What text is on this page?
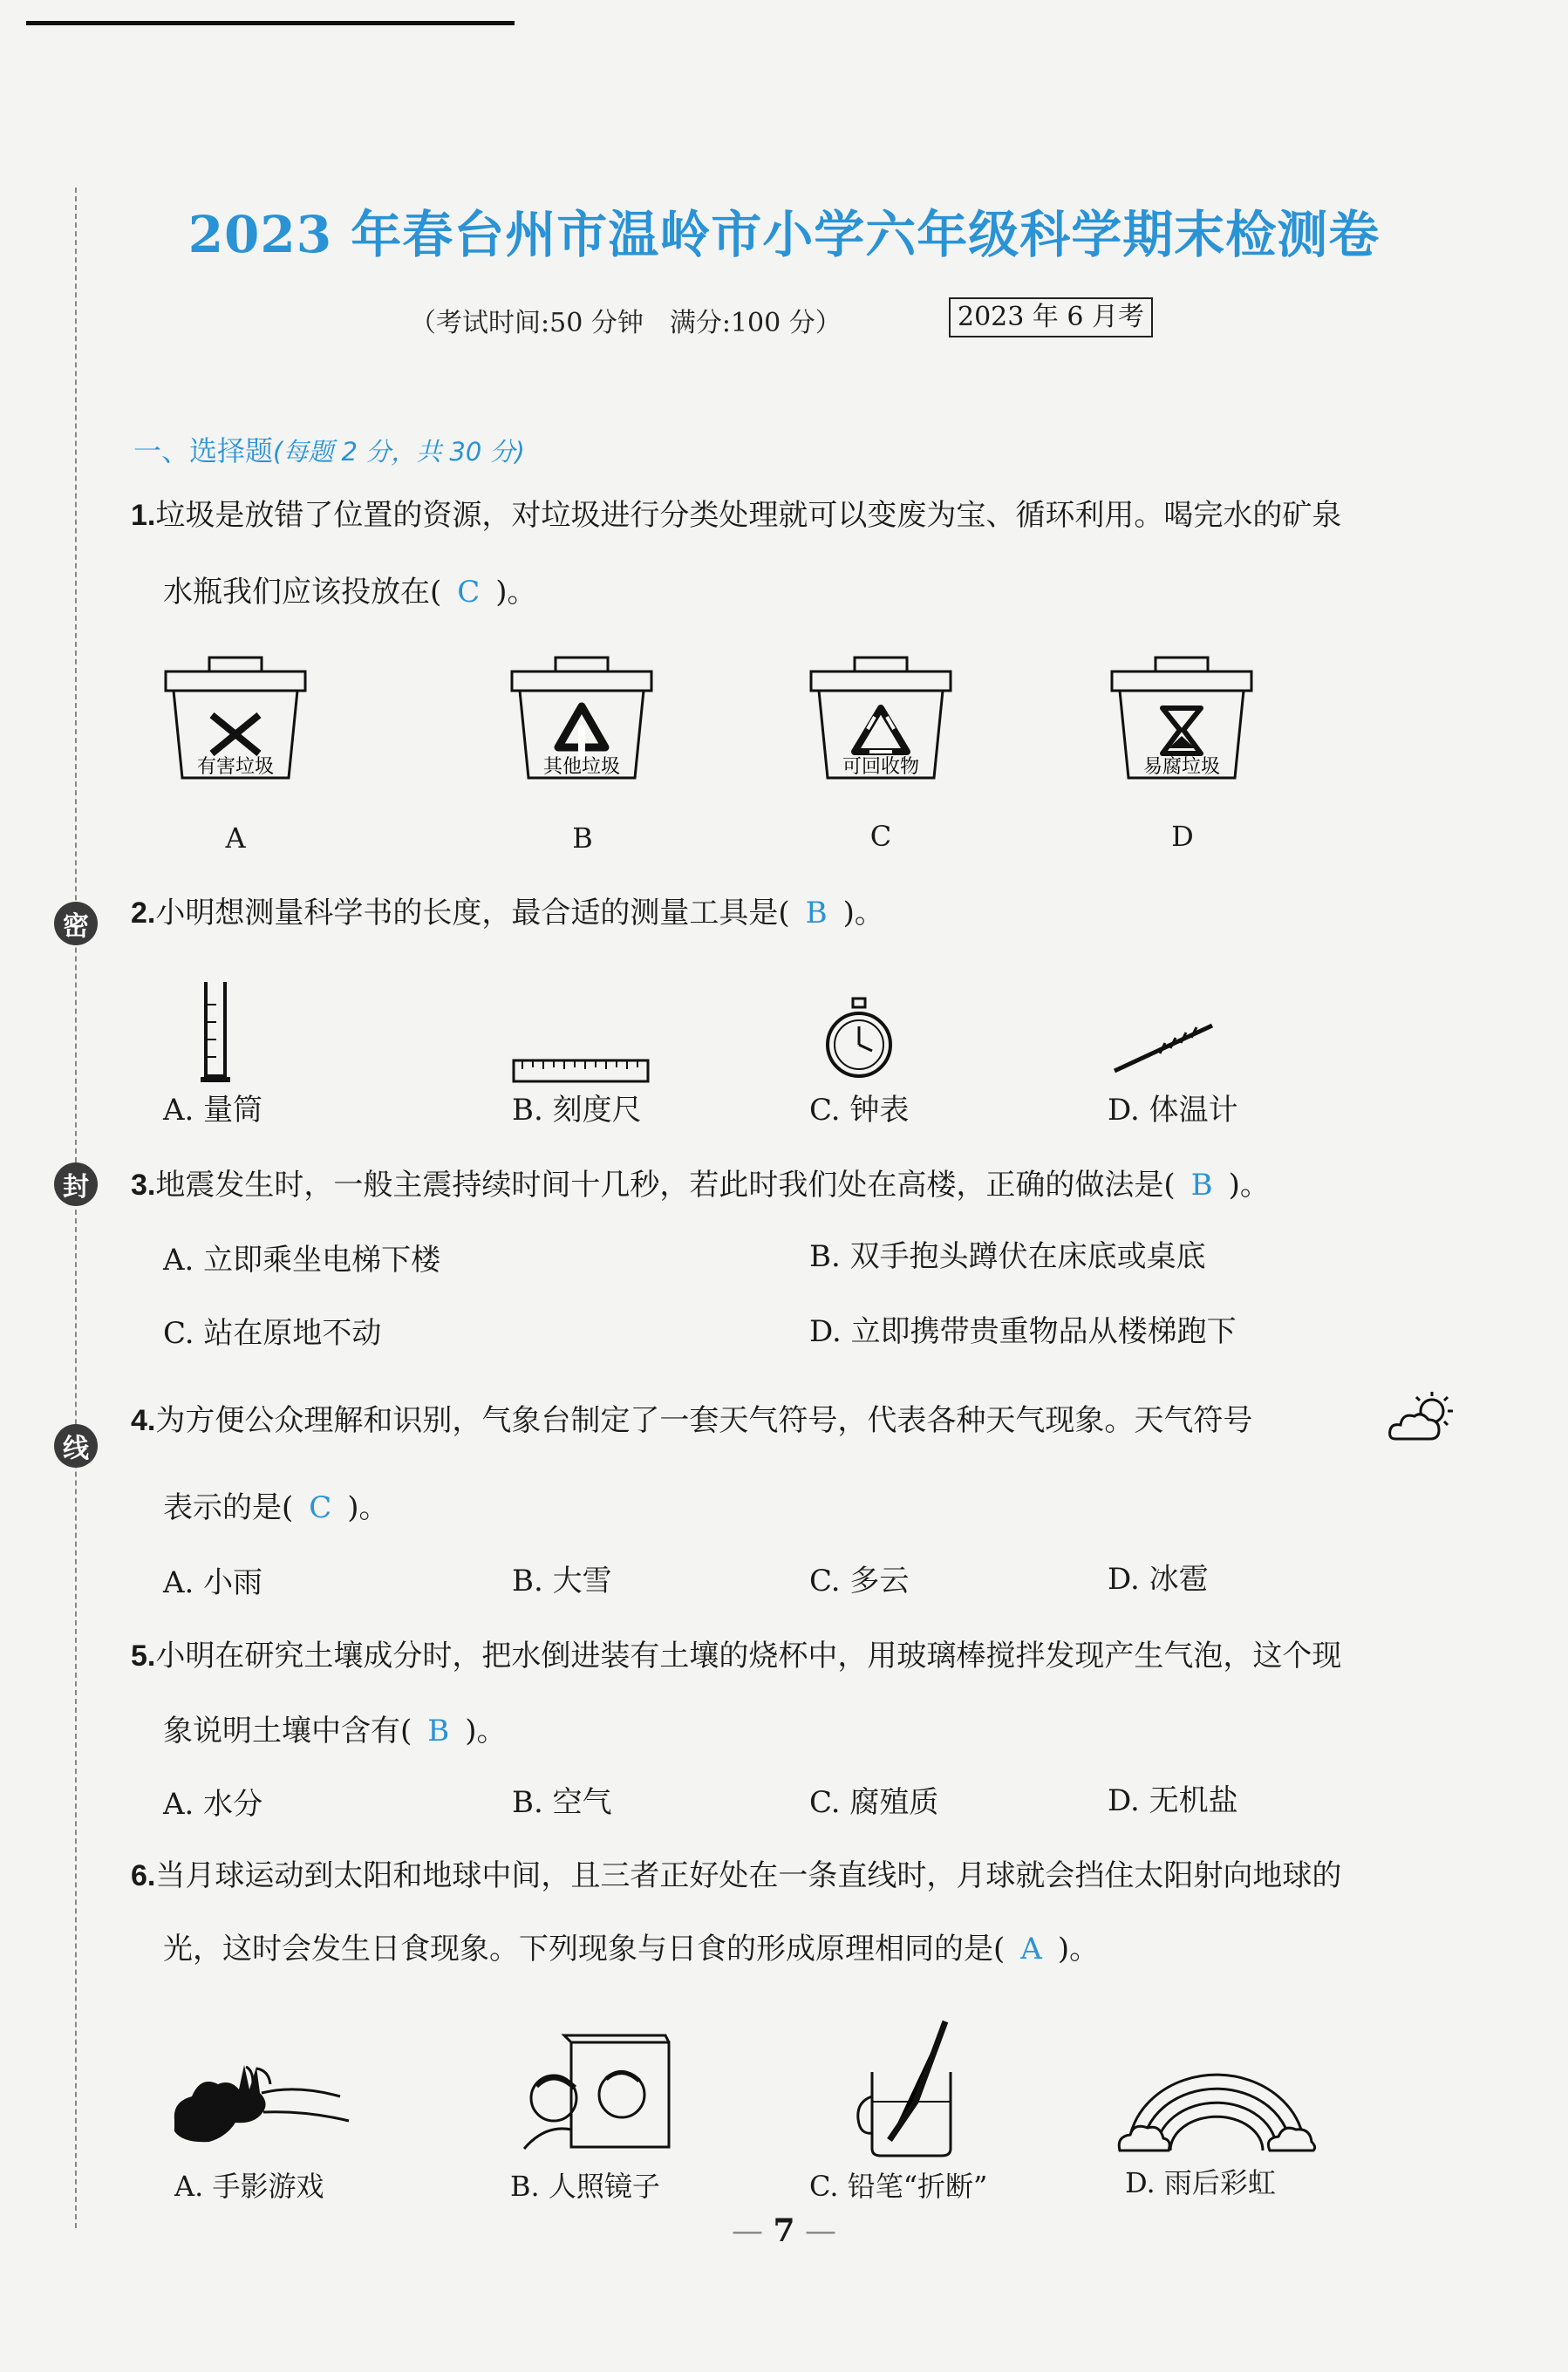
密
封
线
2023 年春台州市温岭市小学六年级科学期末检测卷
（考试时间:50 分钟　满分:100 分）	2023 年 6 月考
一、选择题(每题 2 分，共 30 分)
1.垃圾是放错了位置的资源，对垃圾进行分类处理就可以变废为宝、循环利用。喝完水的矿泉
水瓶我们应该投放在( C )。
有害垃圾
A
其他垃圾
B
可回收物
C
易腐垃圾
D
2.小明想测量科学书的长度，最合适的测量工具是( B )。
A. 量筒	B. 刻度尺	C. 钟表	D. 体温计
3.地震发生时，一般主震持续时间十几秒，若此时我们处在高楼，正确的做法是( B )。
A. 立即乘坐电梯下楼	B. 双手抱头蹲伏在床底或桌底
C. 站在原地不动	D. 立即携带贵重物品从楼梯跑下
4.为方便公众理解和识别，气象台制定了一套天气符号，代表各种天气现象。天气符号
表示的是( C )。
A. 小雨	B. 大雪	C. 多云	D. 冰雹
5.小明在研究土壤成分时，把水倒进装有土壤的烧杯中，用玻璃棒搅拌发现产生气泡，这个现
象说明土壤中含有( B )。
A. 水分	B. 空气	C. 腐殖质	D. 无机盐
6.当月球运动到太阳和地球中间，且三者正好处在一条直线时，月球就会挡住太阳射向地球的
光，这时会发生日食现象。下列现象与日食的形成原理相同的是( A )。
A. 手影游戏	B. 人照镜子	C. 铅笔“折断”	D. 雨后彩虹
— 7 —
